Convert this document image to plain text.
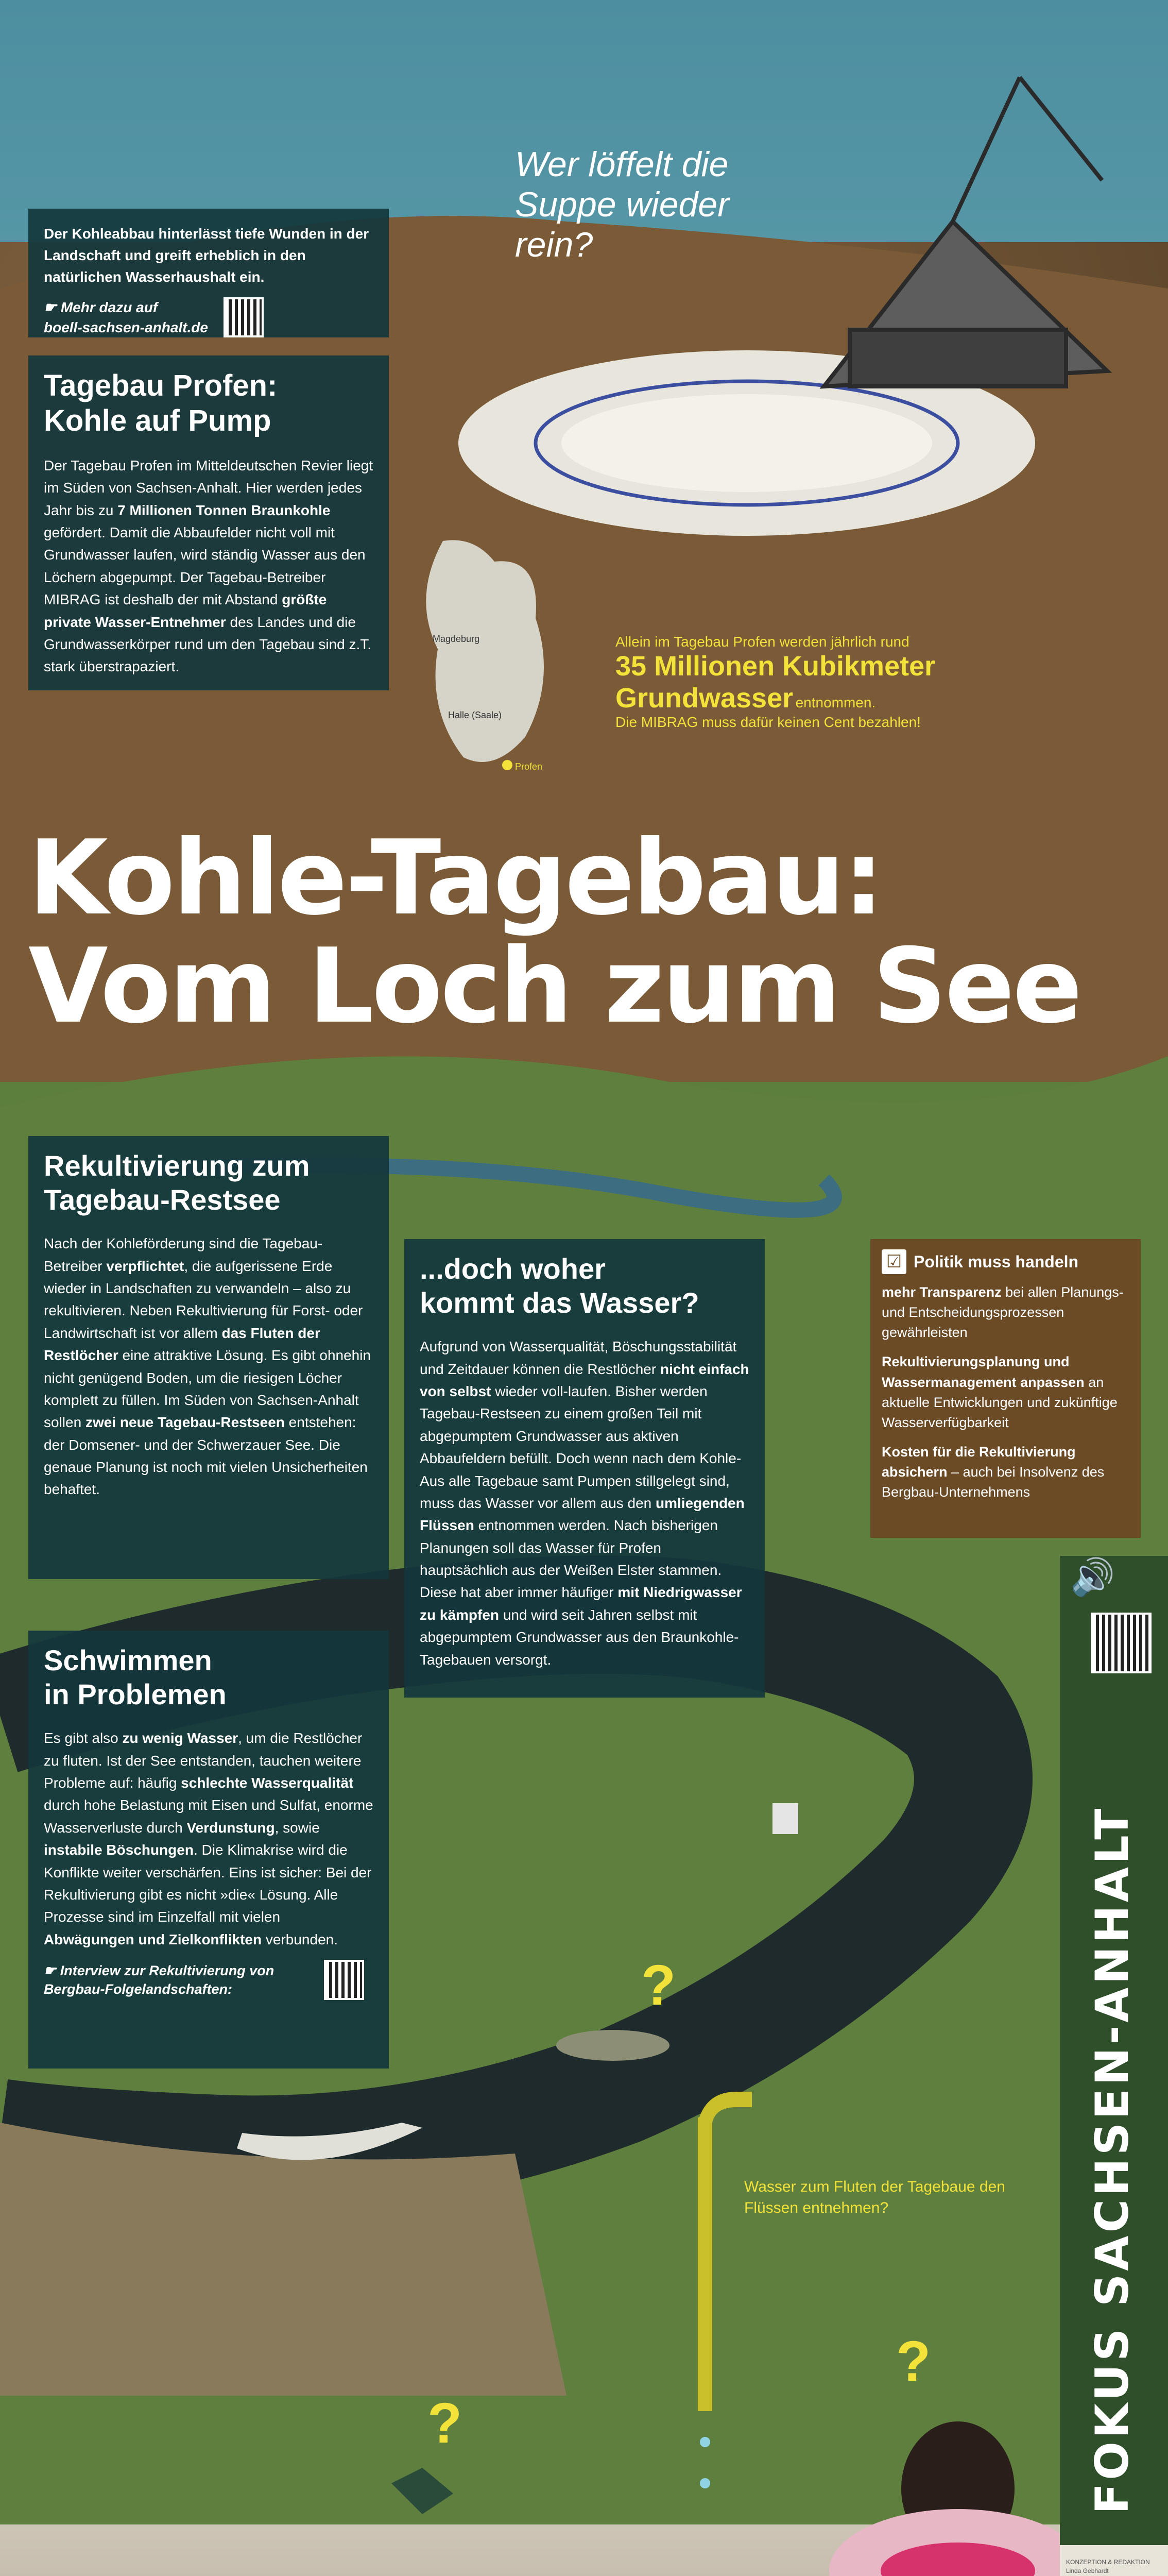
Wer löffelt die Suppe wieder rein?
Der Kohleabbau hinterlässt tiefe Wunden in der Landschaft und greift erheblich in den natürlichen Wasserhaushalt ein.
☛ Mehr dazu auf
boell-sachsen-anhalt.de
Tagebau Profen:
Kohle auf Pump
Der Tagebau Profen im Mitteldeutschen Revier liegt im Süden von Sachsen-Anhalt. Hier werden jedes Jahr bis zu 7 Millionen Tonnen Braunkohle gefördert. Damit die Abbaufelder nicht voll mit Grundwasser laufen, wird ständig Wasser aus den Löchern abgepumpt. Der Tagebau-Betreiber MIBRAG ist deshalb der mit Abstand größte private Wasser-Entnehmer des Landes und die Grundwasserkörper rund um den Tagebau sind z.T. stark überstrapaziert.
Magdeburg
Halle (Saale)
Profen
Allein im Tagebau Profen werden jährlich rund
35 Millionen Kubikmeter Grundwasser entnommen.
Die MIBRAG muss dafür keinen Cent bezahlen!
Kohle-Tagebau:
Vom Loch zum See
Rekultivierung zum
Tagebau-Restsee
Nach der Kohleförderung sind die Tagebau-Betreiber verpflichtet, die aufgerissene Erde wieder in Landschaften zu verwandeln – also zu rekultivieren. Neben Rekultivierung für Forst- oder Landwirtschaft ist vor allem das Fluten der Restlöcher eine attraktive Lösung. Es gibt ohnehin nicht genügend Boden, um die riesigen Löcher komplett zu füllen. Im Süden von Sachsen-Anhalt sollen zwei neue Tagebau-Restseen entstehen: der Domsener- und der Schwerzauer See. Die genaue Planung ist noch mit vielen Unsicherheiten behaftet.
...doch woher
kommt das Wasser?
Aufgrund von Wasserqualität, Böschungsstabilität und Zeitdauer können die Restlöcher nicht einfach von selbst wieder voll-laufen. Bisher werden Tagebau-Restseen zu einem großen Teil mit abgepumptem Grundwasser aus aktiven Abbaufeldern befüllt. Doch wenn nach dem Kohle-Aus alle Tagebaue samt Pumpen stillgelegt sind, muss das Wasser vor allem aus den umliegenden Flüssen entnommen werden. Nach bisherigen Planungen soll das Wasser für Profen hauptsächlich aus der Weißen Elster stammen. Diese hat aber immer häufiger mit Niedrigwasser zu kämpfen und wird seit Jahren selbst mit abgepumptem Grundwasser aus den Braunkohle-Tagebauen versorgt.
☑ Politik muss handeln
mehr Transparenz bei allen Planungs- und Entscheidungsprozessen gewährleisten
Rekultivierungsplanung und Wassermanagement anpassen an aktuelle Entwicklungen und zukünftige Wasserverfügbarkeit
Kosten für die Rekultivierung absichern – auch bei Insolvenz des Bergbau-Unternehmens
🔊
Schwimmen
in Problemen
Es gibt also zu wenig Wasser, um die Restlöcher zu fluten. Ist der See entstanden, tauchen weitere Probleme auf: häufig schlechte Wasserqualität durch hohe Belastung mit Eisen und Sulfat, enorme Wasserverluste durch Verdunstung, sowie instabile Böschungen. Die Klimakrise wird die Konflikte weiter verschärfen. Eins ist sicher: Bei der Rekultivierung gibt es nicht »die« Lösung. Alle Prozesse sind im Einzelfall mit vielen Abwägungen und Zielkonflikten verbunden.
☛ Interview zur Rekultivierung von Bergbau-Folgelandschaften:	?
?
?
Wasser zum Fluten der Tagebaue den Flüssen entnehmen?	FOKUS SACHSEN-ANHALT
KONZEPTION & REDAKTION
Linda Gebhardt
